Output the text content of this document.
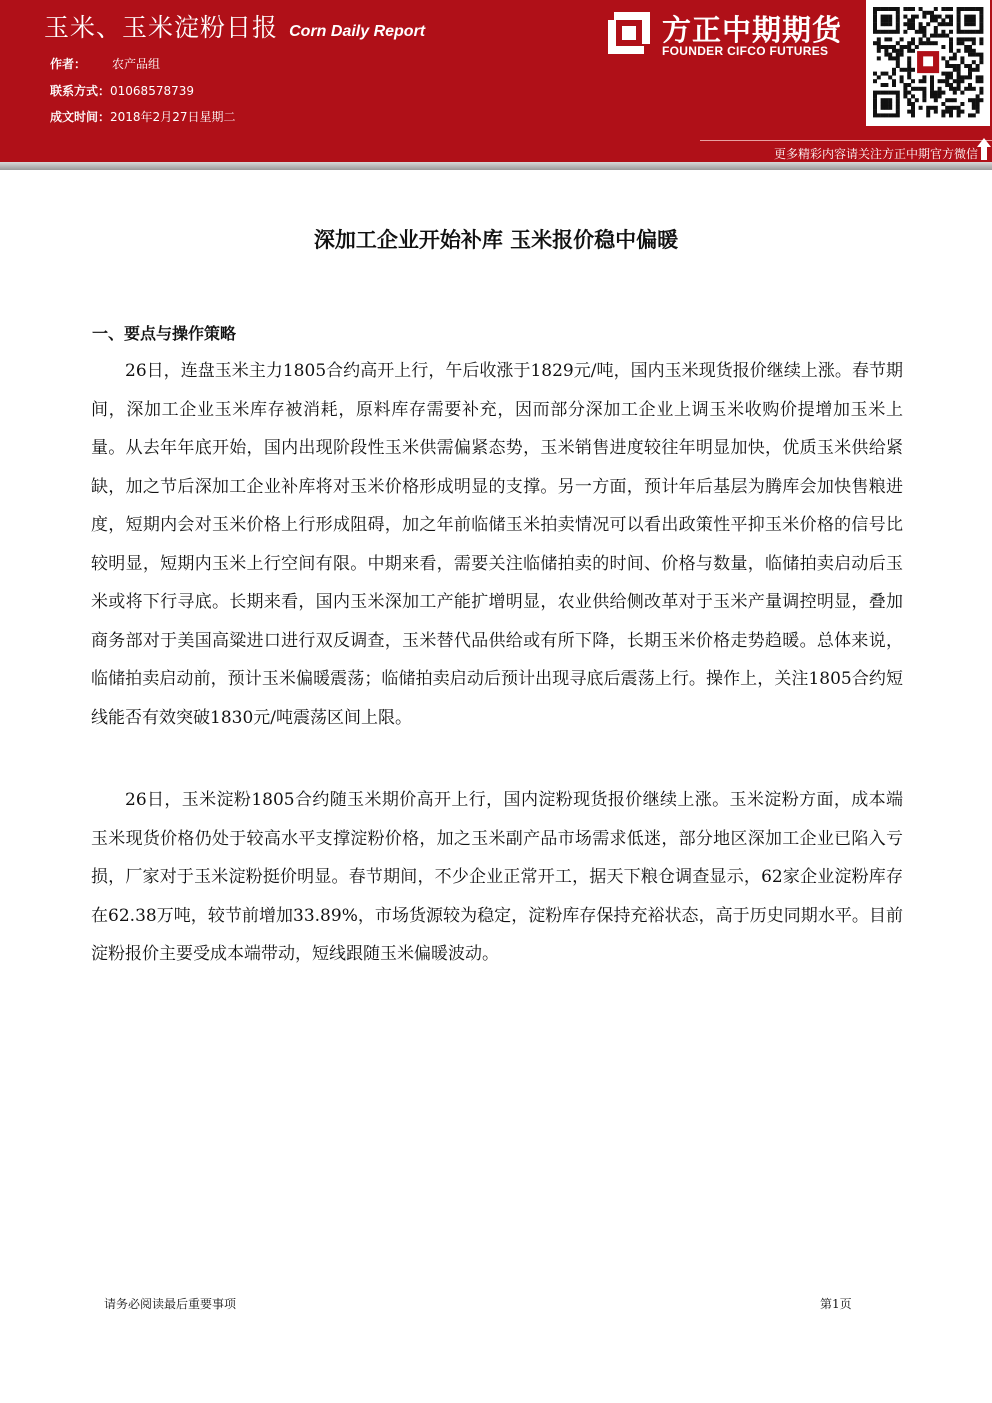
玉米、玉米淀粉日报 Corn Daily Report
作者： 农产品组
联系方式：01068578739
成文时间：2018年2月27日星期二
方正中期期货
FOUNDER CIFCO FUTURES
更多精彩内容请关注方正中期官方微信
深加工企业开始补库 玉米报价稳中偏暖
一、要点与操作策略

26日，连盘玉米主力1805合约高开上行，午后收涨于1829元/吨，国内玉米现货报价继续上涨。春节期间，深加工企业玉米库存被消耗，原料库存需要补充，因而部分深加工企业上调玉米收购价提增加玉米上量。从去年年底开始，国内出现阶段性玉米供需偏紧态势，玉米销售进度较往年明显加快，优质玉米供给紧缺，加之节后深加工企业补库将对玉米价格形成明显的支撑。另一方面，预计年后基层为腾库会加快售粮进度，短期内会对玉米价格上行形成阻碍，加之年前临储玉米拍卖情况可以看出政策性平抑玉米价格的信号比较明显，短期内玉米上行空间有限。中期来看，需要关注临储拍卖的时间、价格与数量，临储拍卖启动后玉米或将下行寻底。长期来看，国内玉米深加工产能扩增明显，农业供给侧改革对于玉米产量调控明显，叠加商务部对于美国高粱进口进行双反调查，玉米替代品供给或有所下降，长期玉米价格走势趋暖。总体来说，临储拍卖启动前，预计玉米偏暖震荡；临储拍卖启动后预计出现寻底后震荡上行。操作上，关注1805合约短线能否有效突破1830元/吨震荡区间上限。

26日，玉米淀粉1805合约随玉米期价高开上行，国内淀粉现货报价继续上涨。玉米淀粉方面，成本端玉米现货价格仍处于较高水平支撑淀粉价格，加之玉米副产品市场需求低迷，部分地区深加工企业已陷入亏损，厂家对于玉米淀粉挺价明显。春节期间，不少企业正常开工，据天下粮仓调查显示，62家企业淀粉库存在62.38万吨，较节前增加33.89%，市场货源较为稳定，淀粉库存保持充裕状态，高于历史同期水平。目前淀粉报价主要受成本端带动，短线跟随玉米偏暖波动。

请务必阅读最后重要事项	第1页
